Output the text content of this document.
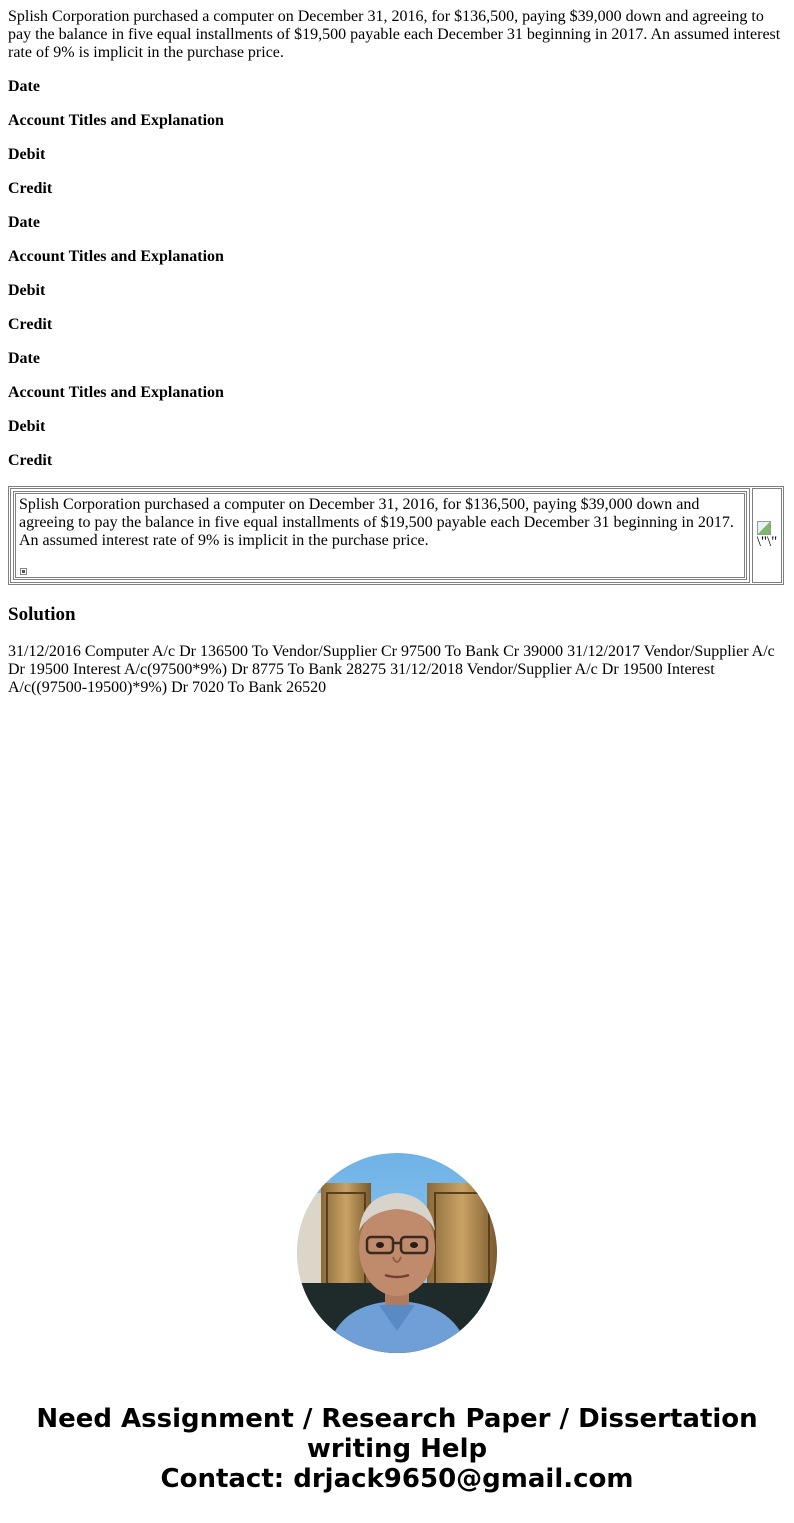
Splish Corporation purchased a computer on December 31, 2016, for $136,500, paying $39,000 down and agreeing to pay the balance in five equal installments of $19,500 payable each December 31 beginning in 2017. An assumed interest rate of 9% is implicit in the purchase price.

Date
Account Titles and Explanation
Debit
Credit
Date
Account Titles and Explanation
Debit
Credit
Date
Account Titles and Explanation
Debit
Credit
Splish Corporation purchased a computer on December 31, 2016, for $136,500, paying $39,000 down and agreeing to pay the balance in five equal installments of $19,500 payable each December 31 beginning in 2017. An assumed interest rate of 9% is implicit in the purchase price.	\"\"
Solution

31/12/2016 Computer A/c Dr 136500 To Vendor/Supplier Cr 97500 To Bank Cr 39000 31/12/2017 Vendor/Supplier A/c Dr 19500 Interest A/c(97500*9%) Dr 8775 To Bank 28275 31/12/2018 Vendor/Supplier A/c Dr 19500 Interest A/c((97500-19500)*9%) Dr 7020 To Bank 26520

Need Assignment / Research Paper / Dissertation
writing Help
Contact: drjack9650@gmail.com
